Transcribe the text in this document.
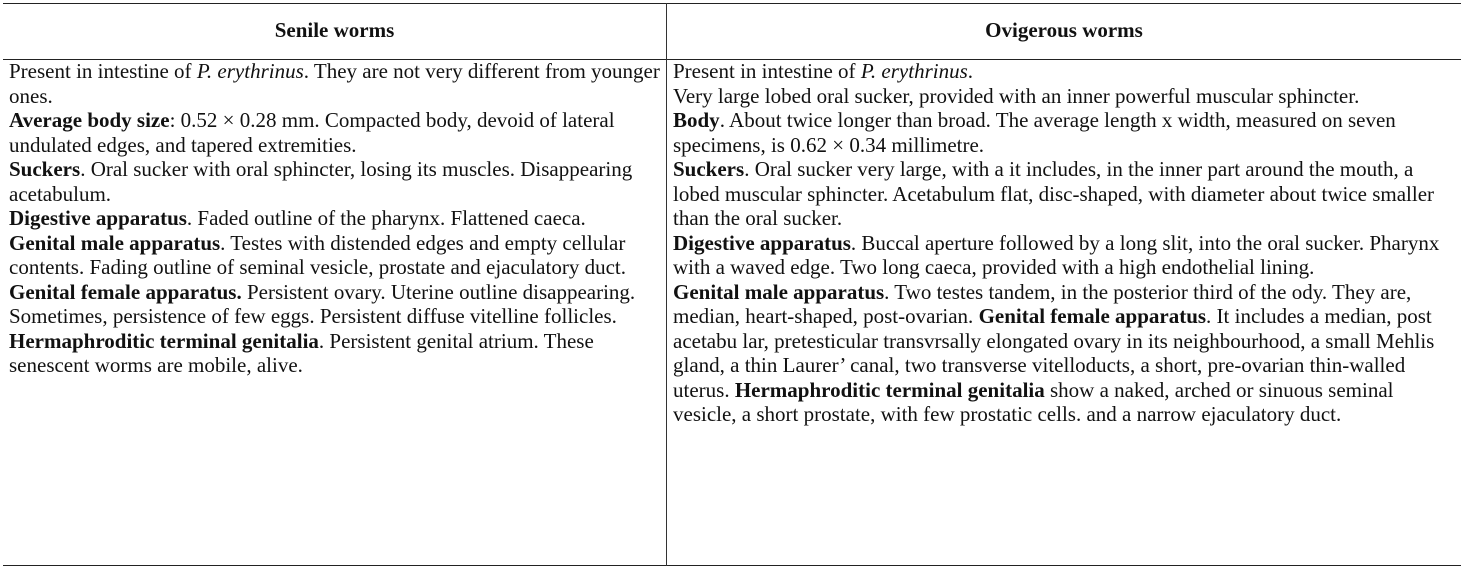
Senile worms	Ovigerous worms

Present in intestine of P. erythrinus. They are not very different from younger ones.

Average body size: 0.52 × 0.28 mm. Compacted body, devoid of lateral undulated edges, and tapered extremities.

Suckers. Oral sucker with oral sphincter, losing its muscles. Disappearing acetabulum.

Digestive apparatus. Faded outline of the pharynx. Flattened caeca.

Genital male apparatus. Testes with distended edges and empty cellular contents. Fading outline of seminal vesicle, prostate and ejaculatory duct.

Genital female apparatus. Persistent ovary. Uterine outline disappearing. Sometimes, persistence of few eggs. Persistent diffuse vitelline follicles.

Hermaphroditic terminal genitalia. Persistent genital atrium. These senescent worms are mobile, alive.

Present in intestine of P. erythrinus.

Very large lobed oral sucker, provided with an inner powerful muscular sphincter.

Body. About twice longer than broad. The average length x width, measured on seven specimens, is 0.62 × 0.34 millimetre.

Suckers. Oral sucker very large, with a it includes, in the inner part around the mouth, a lobed muscular sphincter. Acetabulum flat, disc-shaped, with diameter about twice smaller than the oral sucker.

Digestive apparatus. Buccal aperture followed by a long slit, into the oral sucker. Pharynx with a waved edge. Two long caeca, provided with a high endothelial lining.

Genital male apparatus. Two testes tandem, in the posterior third of the ody. They are, median, heart-shaped, post-ovarian. Genital female apparatus. It includes a median, post acetabu lar, pretesticular transvrsally elongated ovary in its neighbourhood, a small Mehlis gland, a thin Laurer’ canal, two transverse vitelloducts, a short, pre-ovarian thin-walled uterus. Hermaphroditic terminal genitalia show a naked, arched or sinuous seminal vesicle, a short prostate, with few prostatic cells. and a narrow ejaculatory duct.
